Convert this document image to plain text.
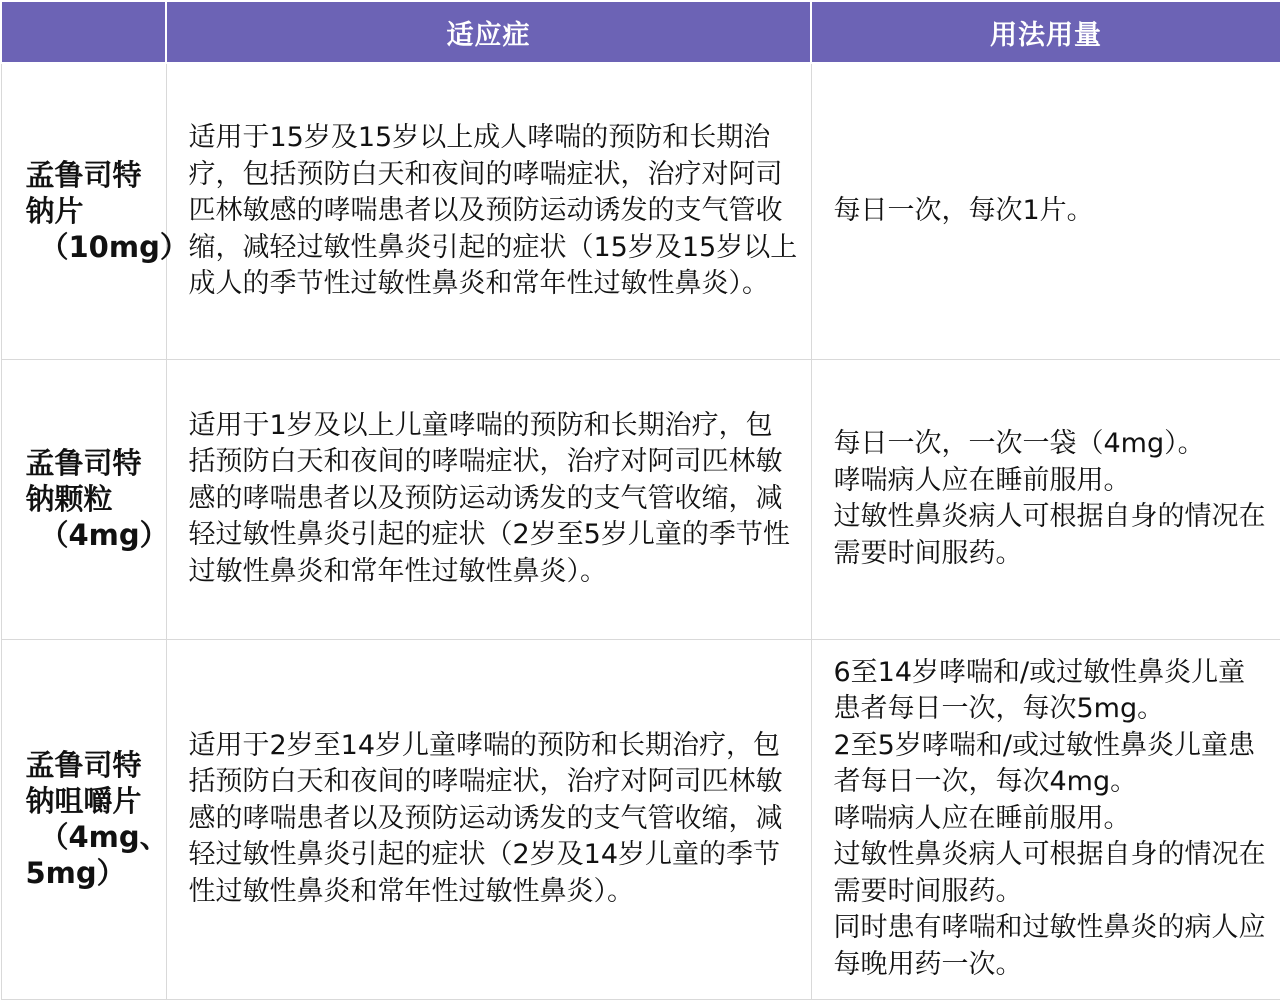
	适应症	用法用量

孟鲁司特
钠片
（10mg）	适用于15岁及15岁以上成人哮喘的预防和长期治疗，包括预防白天和夜间的哮喘症状，治疗对阿司匹林敏感的哮喘患者以及预防运动诱发的支气管收缩，减轻过敏性鼻炎引起的症状（15岁及15岁以上成人的季节性过敏性鼻炎和常年性过敏性鼻炎）。	每日一次，每次1片。

孟鲁司特
钠颗粒
（4mg）	适用于1岁及以上儿童哮喘的预防和长期治疗，包括预防白天和夜间的哮喘症状，治疗对阿司匹林敏感的哮喘患者以及预防运动诱发的支气管收缩，减轻过敏性鼻炎引起的症状（2岁至5岁儿童的季节性过敏性鼻炎和常年性过敏性鼻炎）。	每日一次，一次一袋（4mg）。
哮喘病人应在睡前服用。
过敏性鼻炎病人可根据自身的情况在需要时间服药。

孟鲁司特
钠咀嚼片
（4mg、
5mg）	适用于2岁至14岁儿童哮喘的预防和长期治疗，包括预防白天和夜间的哮喘症状，治疗对阿司匹林敏感的哮喘患者以及预防运动诱发的支气管收缩，减轻过敏性鼻炎引起的症状（2岁及14岁儿童的季节性过敏性鼻炎和常年性过敏性鼻炎）。	6至14岁哮喘和/或过敏性鼻炎儿童患者每日一次，每次5mg。
2至5岁哮喘和/或过敏性鼻炎儿童患者每日一次，每次4mg。
哮喘病人应在睡前服用。
过敏性鼻炎病人可根据自身的情况在需要时间服药。
同时患有哮喘和过敏性鼻炎的病人应每晚用药一次。
